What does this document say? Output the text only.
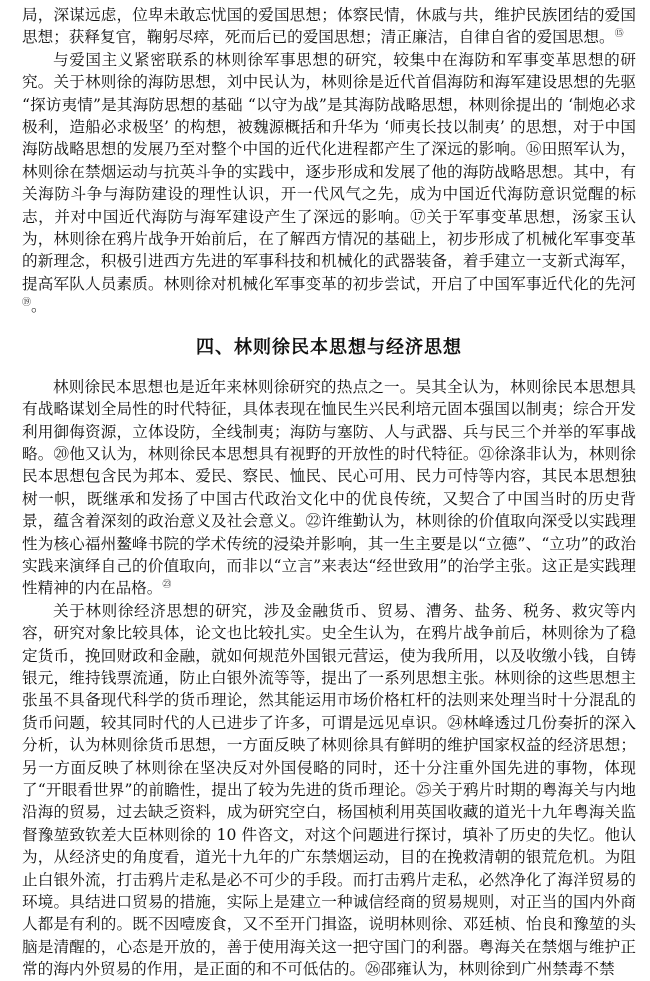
局，深谋远虑，位卑未敢忘忧国的爱国思想；体察民情，休戚与共，维护民族团结的爱国思想；获释复官，鞠躬尽瘁，死而后已的爱国思想；清正廉洁，自律自省的爱国思想。⑮

与爱国主义紧密联系的林则徐军事思想的研究，较集中在海防和军事变革思想的研究。关于林则徐的海防思想，刘中民认为，林则徐是近代首倡海防和海军建设思想的先驱 “探访夷情”是其海防思想的基础 “以守为战”是其海防战略思想，林则徐提出的 ‘制炮必求极利，造船必求极坚’ 的构想，被魏源概括和升华为 ‘师夷长技以制夷’ 的思想，对于中国海防战略思想的发展乃至对整个中国的近代化进程都产生了深远的影响。⑯田照军认为，林则徐在禁烟运动与抗英斗争的实践中，逐步形成和发展了他的海防战略思想。其中，有关海防斗争与海防建设的理性认识，开一代风气之先，成为中国近代海防意识觉醒的标志，并对中国近代海防与海军建设产生了深远的影响。⑰关于军事变革思想，汤家玉认为，林则徐在鸦片战争开始前后，在了解西方情况的基础上，初步形成了机械化军事变革的新理念，积极引进西方先进的军事科技和机械化的武器装备，着手建立一支新式海军，提高军队人员素质。林则徐对机械化军事变革的初步尝试，开启了中国军事近代化的先河⑲。

四、林则徐民本思想与经济思想

林则徐民本思想也是近年来林则徐研究的热点之一。吴其全认为，林则徐民本思想具有战略谋划全局性的时代特征，具体表现在恤民生兴民利培元固本强国以制夷；综合开发利用御侮资源，立体设防，全线制夷；海防与塞防、人与武器、兵与民三个并举的军事战略。⑳他又认为，林则徐民本思想具有视野的开放性的时代特征。㉑徐涤非认为，林则徐民本思想包含民为邦本、爱民、察民、恤民、民心可用、民力可恃等内容，其民本思想独树一帜，既继承和发扬了中国古代政治文化中的优良传统，又契合了中国当时的历史背景，蕴含着深刻的政治意义及社会意义。㉒许维勤认为，林则徐的价值取向深受以实践理性为核心福州鳌峰书院的学术传统的浸染并影响，其一生主要是以“立德”、“立功”的政治实践来演绎自己的价值取向，而非以“立言”来表达“经世致用”的治学主张。这正是实践理性精神的内在品格。$^㉓$

关于林则徐经济思想的研究，涉及金融货币、贸易、漕务、盐务、税务、救灾等内容，研究对象比较具体，论文也比较扎实。史全生认为，在鸦片战争前后，林则徐为了稳定货币，挽回财政和金融，就如何规范外国银元营运，使为我所用，以及收缴小钱，自铸银元，维持钱票流通，防止白银外流等等，提出了一系列思想主张。林则徐的这些思想主张虽不具备现代科学的货币理论，然其能运用市场价格杠杆的法则来处理当时十分混乱的货币问题，较其同时代的人已进步了许多，可谓是远见卓识。㉔林峰透过几份奏折的深入分析，认为林则徐货币思想，一方面反映了林则徐具有鲜明的维护国家权益的经济思想；另一方面反映了林则徐在坚决反对外国侵略的同时，还十分注重外国先进的事物，体现了“开眼看世界”的前瞻性，提出了较为先进的货币理论。㉕关于鸦片时期的粤海关与内地沿海的贸易，过去缺乏资料，成为研究空白，杨国桢利用英国收藏的道光十九年粤海关监督豫堃致钦差大臣林则徐的 10 件咨文，对这个问题进行探讨，填补了历史的失忆。他认为，从经济史的角度看，道光十九年的广东禁烟运动，目的在挽救清朝的银荒危机。为阻止白银外流，打击鸦片走私是必不可少的手段。而打击鸦片走私，必然净化了海洋贸易的环境。具结进口贸易的措施，实际上是建立一种诚信经商的贸易规则，对正当的国内外商人都是有利的。既不因噎废食，又不至开门揖盗，说明林则徐、邓廷桢、怡良和豫堃的头脑是清醒的，心态是开放的，善于使用海关这一把守国门的利器。粤海关在禁烟与维护正常的海内外贸易的作用，是正面的和不可低估的。㉖邵雍认为，林则徐到广州禁毒不禁
